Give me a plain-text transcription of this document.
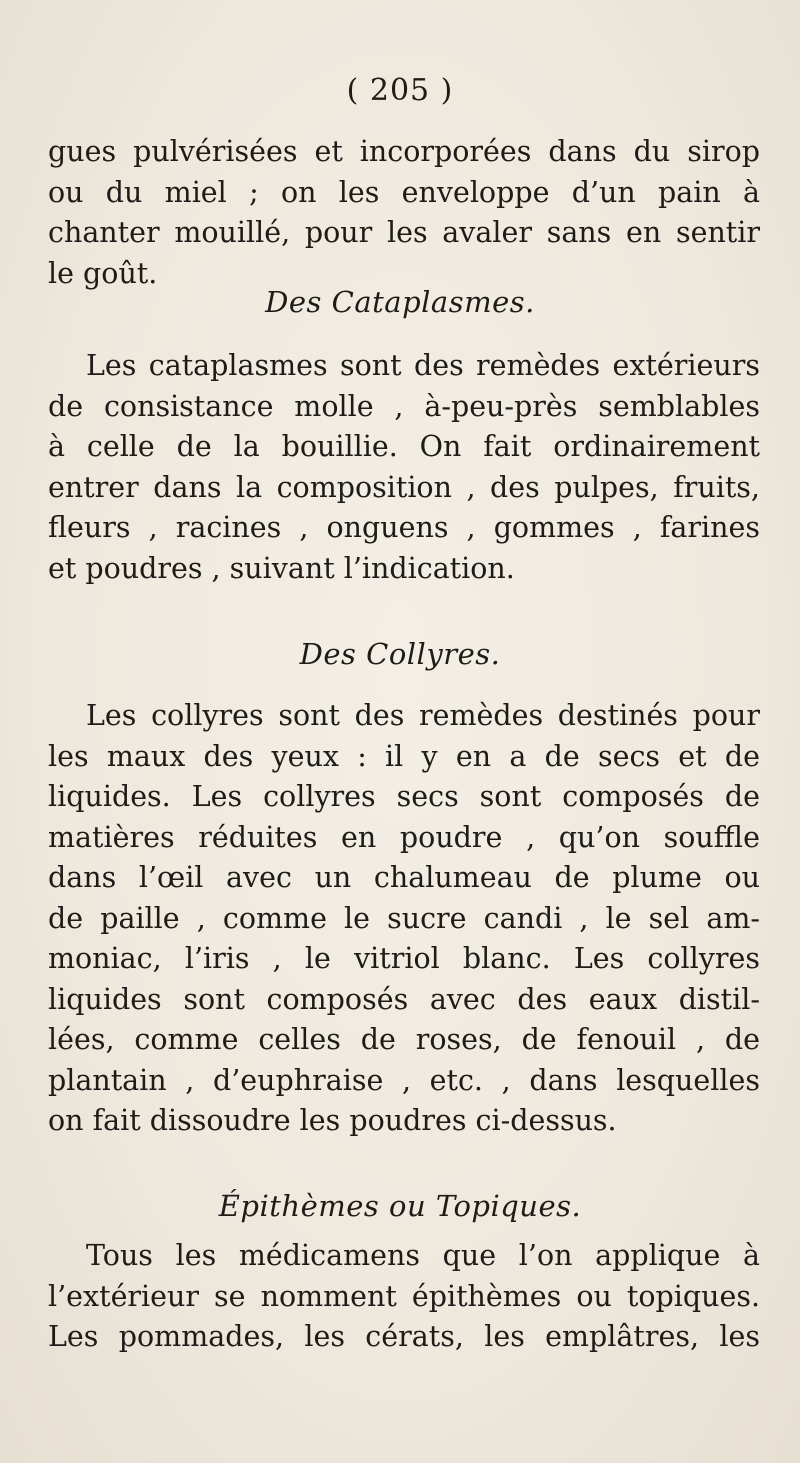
( 205 )
gues pulvérisées et incorporées dans du sirop
ou du miel ; on les enveloppe d’un pain à
chanter mouillé, pour les avaler sans en sentir
le goût.
Des Cataplasmes.
Les cataplasmes sont des remèdes extérieurs
de consistance molle , à-peu-près semblables
à celle de la bouillie. On fait ordinairement
entrer dans la composition , des pulpes, fruits,
fleurs , racines , onguens , gommes , farines
et poudres , suivant l’indication.
Des Collyres.
Les collyres sont des remèdes destinés pour
les maux des yeux : il y en a de secs et de
liquides. Les collyres secs sont composés de
matières réduites en poudre , qu’on souffle
dans l’œil avec un chalumeau de plume ou
de paille , comme le sucre candi , le sel am-
moniac, l’iris , le vitriol blanc. Les collyres
liquides sont composés avec des eaux distil-
lées, comme celles de roses, de fenouil , de
plantain , d’euphraise , etc. , dans lesquelles
on fait dissoudre les poudres ci-dessus.
Épithèmes ou Topiques.
Tous les médicamens que l’on applique à
l’extérieur se nomment épithèmes ou topiques.
Les pommades, les cérats, les emplâtres, les
